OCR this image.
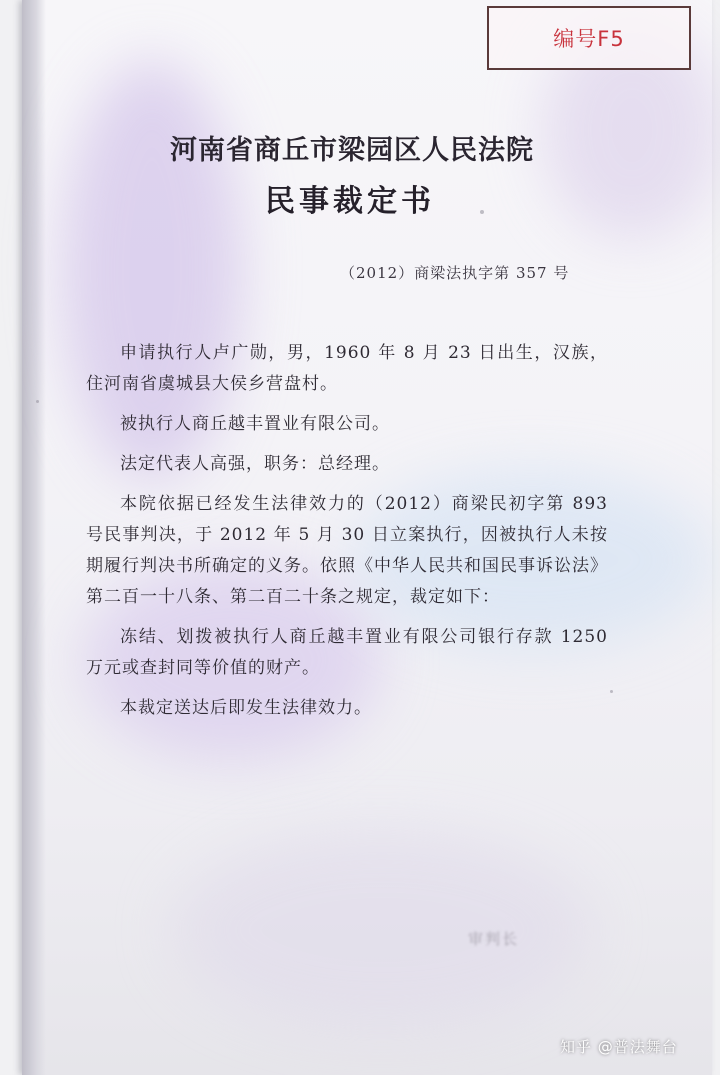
编号F5
河南省商丘市梁园区人民法院
民事裁定书
（2012）商梁法执字第 357 号

申请执行人卢广勋，男，1960 年 8 月 23 日出生，汉族，住河南省虞城县大侯乡营盘村。

被执行人商丘越丰置业有限公司。

法定代表人高强，职务：总经理。

本院依据已经发生法律效力的（2012）商梁民初字第 893 号民事判决，于 2012 年 5 月 30 日立案执行，因被执行人未按期履行判决书所确定的义务。依照《中华人民共和国民事诉讼法》第二百一十八条、第二百二十条之规定，裁定如下：

冻结、划拨被执行人商丘越丰置业有限公司银行存款 1250 万元或查封同等价值的财产。

本裁定送达后即发生法律效力。

审判长
知乎 @普法舞台
